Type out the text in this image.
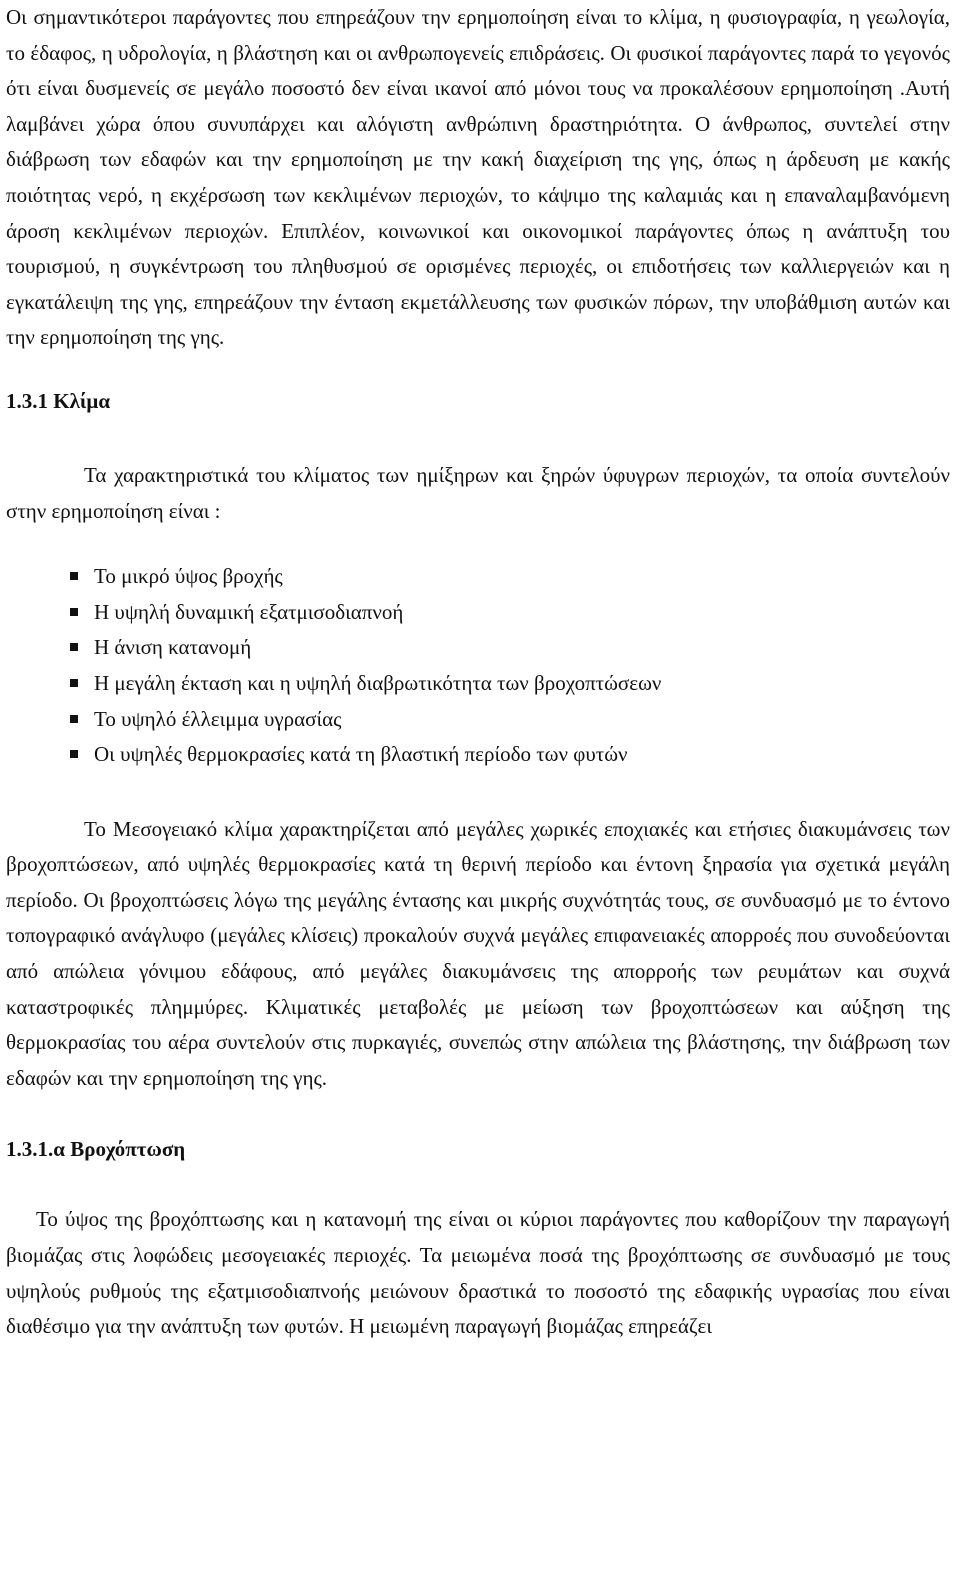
Οι σημαντικότεροι παράγοντες που επηρεάζουν την ερημοποίηση είναι το κλίμα, η φυσιογραφία, η γεωλογία, το έδαφος, η υδρολογία, η βλάστηση και οι ανθρωπογενείς επιδράσεις. Οι φυσικοί παράγοντες παρά το γεγονός ότι είναι δυσμενείς σε μεγάλο ποσοστό δεν είναι ικανοί από μόνοι τους να προκαλέσουν ερημοποίηση .Αυτή λαμβάνει χώρα όπου συνυπάρχει και αλόγιστη ανθρώπινη δραστηριότητα. Ο άνθρωπος, συντελεί στην διάβρωση των εδαφών και την ερημοποίηση με την κακή διαχείριση της γης, όπως η άρδευση με κακής ποιότητας νερό, η εκχέρσωση των κεκλιμένων περιοχών, το κάψιμο της καλαμιάς και η επαναλαμβανόμενη άροση κεκλιμένων περιοχών. Επιπλέον, κοινωνικοί και οικονομικοί παράγοντες όπως η ανάπτυξη του τουρισμού, η συγκέντρωση του πληθυσμού σε ορισμένες περιοχές, οι επιδοτήσεις των καλλιεργειών και η εγκατάλειψη της γης, επηρεάζουν την ένταση εκμετάλλευσης των φυσικών πόρων, την υποβάθμιση αυτών και την ερημοποίηση της γης.

1.3.1 Κλίμα

Τα χαρακτηριστικά του κλίματος των ημίξηρων και ξηρών ύφυγρων περιοχών, τα οποία συντελούν στην ερημοποίηση είναι :

Το μικρό ύψος βροχής
Η υψηλή δυναμική εξατμισοδιαπνοή
Η άνιση κατανομή
Η μεγάλη έκταση και η υψηλή διαβρωτικότητα των βροχοπτώσεων
Το υψηλό έλλειμμα υγρασίας
Οι υψηλές θερμοκρασίες κατά τη βλαστική περίοδο των φυτών

Το Μεσογειακό κλίμα χαρακτηρίζεται από μεγάλες χωρικές εποχιακές και ετήσιες διακυμάνσεις των βροχοπτώσεων, από υψηλές θερμοκρασίες κατά τη θερινή περίοδο και έντονη ξηρασία για σχετικά μεγάλη περίοδο. Οι βροχοπτώσεις λόγω της μεγάλης έντασης και μικρής συχνότητάς τους, σε συνδυασμό με το έντονο τοπογραφικό ανάγλυφο (μεγάλες κλίσεις) προκαλούν συχνά μεγάλες επιφανειακές απορροές που συνοδεύονται από απώλεια γόνιμου εδάφους, από μεγάλες διακυμάνσεις της απορροής των ρευμάτων και συχνά καταστροφικές πλημμύρες. Κλιματικές μεταβολές με μείωση των βροχοπτώσεων και αύξηση της θερμοκρασίας του αέρα συντελούν στις πυρκαγιές, συνεπώς στην απώλεια της βλάστησης, την διάβρωση των εδαφών και την ερημοποίηση της γης.

1.3.1.α Βροχόπτωση

Το ύψος της βροχόπτωσης και η κατανομή της είναι οι κύριοι παράγοντες που καθορίζουν την παραγωγή βιομάζας στις λοφώδεις μεσογειακές περιοχές. Τα μειωμένα ποσά της βροχόπτωσης σε συνδυασμό με τους υψηλούς ρυθμούς της εξατμισοδιαπνοής μειώνουν δραστικά το ποσοστό της εδαφικής υγρασίας που είναι διαθέσιμο για την ανάπτυξη των φυτών. Η μειωμένη παραγωγή βιομάζας επηρεάζει
